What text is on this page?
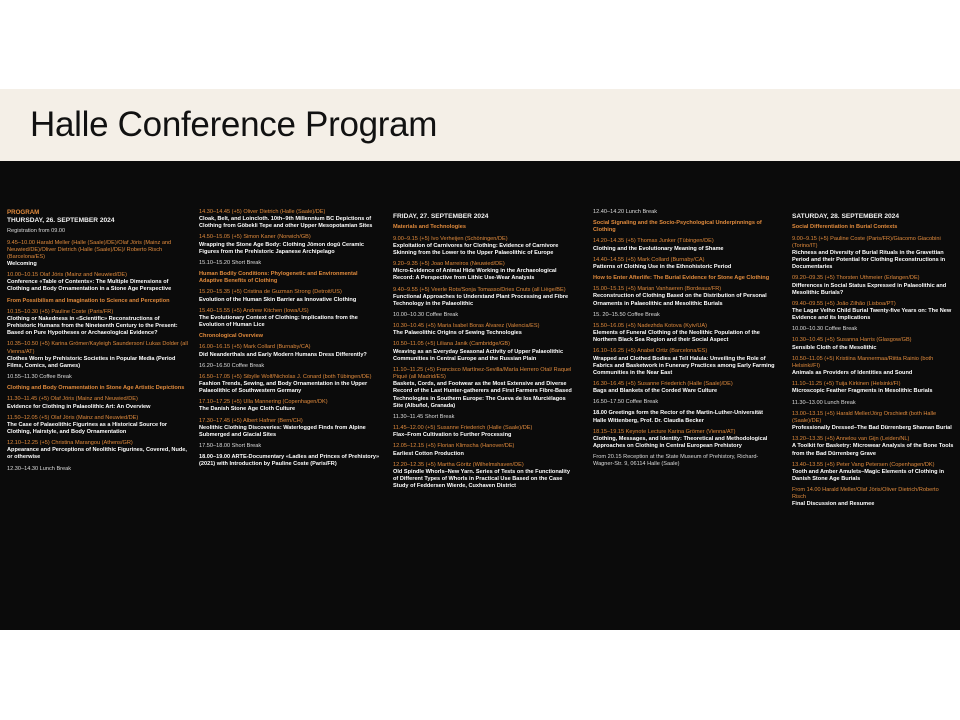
Halle Conference Program
PROGRAM
THURSDAY, 26. SEPTEMBER 2024
Registration from 09.00
9.45–10.00 Harald Meller (Halle (Saale)/DE)/Olaf Jöris (Mainz and Neuwied/DE)/Oliver Dietrich (Halle (Saale)/DE)/ Roberto Risch (Barcelona/ES)
Welcoming
10.00–10.15 Olaf Jöris (Mainz and Neuwied/DE)
Conference «Table of Contents»: The Multiple Dimensions of Clothing and Body Ornamentation in a Stone Age Perspective
From Possibilism and Imagination to Science and Perception
10.15–10.30 (+5) Pauline Coste (Paris/FR)
Clothing or Nakedness in «Scientific» Reconstructions of Prehistoric Humans from the Nineteenth Century to the Present: Based on Pure Hypotheses or Archaeological Evidence?
10.35–10.50 (+5) Karina Grömer/Kayleigh Saunderson/ Lukas Dolder (all Vienna/AT)
Clothes Worn by Prehistoric Societies in Popular Media (Period Films, Comics, and Games)
10.55–11.30 Coffee Break
Clothing and Body Ornamentation in Stone Age Artistic Depictions
11.30–11.45 (+5) Olaf Jöris (Mainz and Neuwied/DE)
Evidence for Clothing in Palaeolithic Art: An Overview
11.50–12.05 (+5) Olaf Jöris (Mainz and Neuwied/DE)
The Case of Palaeolithic Figurines as a Historical Source for Clothing, Hairstyle, and Body Ornamentation
12.10–12.25 (+5) Christina Marangou (Athens/GR)
Appearance and Perceptions of Neolithic Figurines, Covered, Nude, or otherwise
12.30–14.30 Lunch Break
14.30–14.45 (+5) Oliver Dietrich (Halle (Saale)/DE)
Cloak, Belt, and Loincloth. 10th–9th Millennium BC Depictions of Clothing from Göbekli Tepe and other Upper Mesopotamian Sites
14.50–15.05 (+5) Simon Kaner (Norwich/GB)
Wrapping the Stone Age Body: Clothing Jōmon dogū Ceramic Figures from the Prehistoric Japanese Archipelago
15.10–15.20 Short Break
Human Bodily Conditions: Phylogenetic and Environmental Adaptive Benefits of Clothing
15.20–15.35 (+5) Cristina de Guzman Strong (Detroit/US)
Evolution of the Human Skin Barrier as Innovative Clothing
15.40–15.55 (+5) Andrew Kitchen (Iowa/US)
The Evolutionary Context of Clothing: Implications from the Evolution of Human Lice
Chronological Overview
16.00–16.15 (+5) Mark Collard (Burnaby/CA)
Did Neanderthals and Early Modern Humans Dress Differently?
16.20–16.50 Coffee Break
16.50–17.05 (+5) Sibylle Wolf/Nicholas J. Conard (both Tübingen/DE)
Fashion Trends, Sewing, and Body Ornamentation in the Upper Palaeolithic of Southwestern Germany
17.10–17.25 (+5) Ulla Mannering (Copenhagen/DK)
The Danish Stone Age Cloth Culture
17.30–17.45 (+5) Albert Hafner (Bern/CH)
Neolithic Clothing Discoveries: Waterlogged Finds from Alpine Submerged and Glacial Sites
17.50–18.00 Short Break
18.00–19.00 ARTE-Documentary «Ladies and Princes of Prehistory» (2021) with Introduction by Pauline Coste (Paris/FR)
FRIDAY, 27. SEPTEMBER 2024
Materials and Technologies
9.00–9.15 (+5) Ivo Verheijen (Schöningen/DE)
Exploitation of Carnivores for Clothing: Evidence of Carnivore Skinning from the Lower to the Upper Palaeolithic of Europe
9.20–9.35 (+5) Joao Marreiros (Neuwied/DE)
Micro-Evidence of Animal Hide Working in the Archaeological Record: A Perspective from Lithic Use-Wear Analysis
9.40–9.55 (+5) Veerle Rots/Sonja Tomasso/Dries Cnuts (all Liège/BE)
Functional Approaches to Understand Plant Processing and Fibre Technology in the Palaeolithic
10.00–10.30 Coffee Break
10.30–10.45 (+5) Maria Isabel Boras Álvarez (Valencia/ES)
The Palaeolithic Origins of Sewing Technologies
10.50–11.05 (+5) Liliana Janik (Cambridge/GB)
Weaving as an Everyday Seasonal Activity of Upper Palaeolithic Communities in Central Europe and the Russian Plain
11.10–11.25 (+5) Francisco Martínez-Sevilla/María Herrero Otal/ Raquel Piqué (all Madrid/ES)
Baskets, Cords, and Footwear as the Most Extensive and Diverse Record of the Last Hunter-gatherers and First Farmers Fibre-Based Technologies in Southern Europe: The Cueva de los Murciélagos Site (Albuñol, Granada)
11.30–11.45 Short Break
11.45–12.00 (+5) Susanne Friederich (Halle (Saale)/DE)
Flax–From Cultivation to Further Processing
12.05–12.15 (+5) Florian Klimscha (Hanover/DE)
Earliest Cotton Production
12.20–12.35 (+5) Martha Göritz (Wilhelmshaven/DE)
Old Spindle Whorls–New Yarn. Series of Tests on the Functionality of Different Types of Whorls in Practical Use Based on the Case Study of Feddersen Wierde, Cuxhaven District
12.40–14.20 Lunch Break
Social Signaling and the Socio-Psychological Underpinnings of Clothing
14.20–14.35 (+5) Thomas Junker (Tübingen/DE)
Clothing and the Evolutionary Meaning of Shame
14.40–14.55 (+5) Mark Collard (Burnaby/CA)
Patterns of Clothing Use in the Ethnohistoric Period
How to Enter Afterlife: The Burial Evidence for Stone Age Clothing
15.00–15.15 (+5) Marian Vanhaeren (Bordeaux/FR)
Reconstruction of Clothing Based on the Distribution of Personal Ornaments in Palaeolithic and Mesolithic Burials
15. 20–15.50 Coffee Break
15.50–16.05 (+5) Nadezhda Kotova (Kyiv/UA)
Elements of Funeral Clothing of the Neolithic Population of the Northern Black Sea Region and their Social Aspect
16.10–16.25 (+5) Anabel Ortiz (Barcelona/ES)
Wrapped and Clothed Bodies at Tell Halula: Unveiling the Role of Fabrics and Basketwork in Funerary Practices among Early Farming Communities in the Near East
16.30–16.45 (+5) Susanne Friederich (Halle (Saale)/DE)
Bags and Blankets of the Corded Ware Culture
16.50–17.50 Coffee Break
18.00 Greetings form the Rector of the Martin-Luther-Universität Halle Wittenberg, Prof. Dr. Claudia Becker
18.15–19.15 Keynote Lecture Karina Grömer (Vienna/AT)
Clothing, Messages, and Identity: Theoretical and Methodological Approaches on Clothing in Central European Prehistory
From 20.15 Reception at the State Museum of Prehistory, Richard-Wagner-Str. 9, 06114 Halle (Saale)
SATURDAY, 28. SEPTEMBER 2024
Social Differentiation in Burial Contexts
9.00–9.15 (+5) Pauline Coste (Paris/FR)/Giacomo Giacobini (Torino/IT)
Richness and Diversity of Burial Rituals in the Gravettian Period and their Potential for Clothing Reconstructions in Documentaries
09.20–09.35 (+5) Thorsten Uthmeier (Erlangen/DE)
Differences in Social Status Expressed in Palaeolithic and Mesolithic Burials?
09.40–09.55 (+5) João Zilhão (Lisboa/PT)
The Lagar Velho Child Burial Twenty-five Years on: The New Evidence and its Implications
10.00–10.30 Coffee Break
10.30–10.45 (+5) Susanna Harris (Glasgow/GB)
Sensible Cloth of the Mesolithic
10.50–11.05 (+5) Kristiina Mannermaa/Riitta Rainio (both Helsinki/FI)
Animals as Providers of Identities and Sound
11.10–11.25 (+5) Tuija Kirkinen (Helsinki/FI)
Microscopic Feather Fragments in Mesolithic Burials
11.30–13.00 Lunch Break
13.00–13.15 (+5) Harald Meller/Jörg Orschiedt (both Halle (Saale)/DE)
Professionally Dressed–The Bad Dürrenberg Shaman Burial
13.20–13.35 (+5) Annelou van Gijn (Leiden/NL)
A Toolkit for Basketry: Microwear Analysis of the Bone Tools from the Bad Dürrenberg Grave
13.40–13.55 (+5) Peter Vang Petersen (Copenhagen/DK)
Tooth and Amber Amulets–Magic Elements of Clothing in Danish Stone Age Burials
From 14.00 Harald Meller/Olaf Jöris/Oliver Dietrich/Roberto Risch
Final Discussion and Resumee
